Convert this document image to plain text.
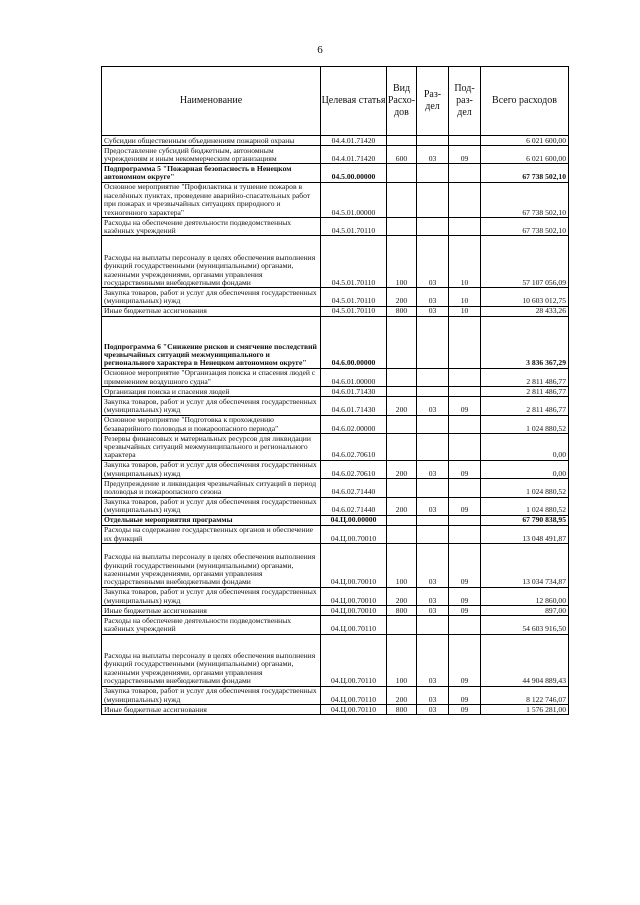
6
Наименование	Целевая статья	Вид Расхо-дов	Раз-дел	Под-раз-дел	Всего расходов
Субсидии общественным объединениям пожарной охраны	04.4.01.71420				6 021 600,00
Предоставление субсидий бюджетным, автономным учреждениям и иным некоммерческим организациям	04.4.01.71420	600	03	09	6 021 600,00
Подпрограмма 5 "Пожарная безопасность в Ненецком автономном округе"	04.5.00.00000				67 738 502,10
Основное мероприятие "Профилактика и тушение пожаров в населённых пунктах, проведение аварийно-спасательных работ при пожарах и чрезвычайных ситуациях природного и техногенного характера"	04.5.01.00000				67 738 502,10
Расходы на обеспечение деятельности подведомственных казённых учреждений	04.5.01.70110				67 738 502,10
Расходы на выплаты персоналу в целях обеспечения выполнения функций государственными (муниципальными) органами, казенными учреждениями, органами управления государственными внебюджетными фондами	04.5.01.70110	100	03	10	57 107 056,09
Закупка товаров, работ и услуг для обеспечения государственных (муниципальных) нужд	04.5.01.70110	200	03	10	10 603 012,75
Иные бюджетные ассигнования	04.5.01.70110	800	03	10	28 433,26
Подпрограмма 6 "Снижение рисков и смягчение последствий чрезвычайных ситуаций межмуниципального и регионального характера в Ненецком автономном округе"	04.6.00.00000				3 836 367,29
Основное мероприятие "Организация поиска и спасения людей с применением воздушного судна"	04.6.01.00000				2 811 486,77
Организация поиска и спасения людей	04.6.01.71430				2 811 486,77
Закупка товаров, работ и услуг для обеспечения государственных (муниципальных) нужд	04.6.01.71430	200	03	09	2 811 486,77
Основное мероприятие "Подготовка к прохождению безаварийного половодья и пожароопасного периода"	04.6.02.00000				1 024 880,52
Резервы финансовых и материальных ресурсов для ликвидации чрезвычайных ситуаций межмуниципального и регионального характера	04.6.02.70610				0,00
Закупка товаров, работ и услуг для обеспечения государственных (муниципальных) нужд	04.6.02.70610	200	03	09	0,00
Предупреждение и ликвидация чрезвычайных ситуаций в период половодья и пожароопасного сезона	04.6.02.71440				1 024 880,52
Закупка товаров, работ и услуг для обеспечения государственных (муниципальных) нужд	04.6.02.71440	200	03	09	1 024 880,52
Отдельные мероприятия программы	04.Ц.00.00000				67 790 838,95
Расходы на содержание государственных органов и обеспечение их функций	04.Ц.00.70010				13 048 491,87
Расходы на выплаты персоналу в целях обеспечения выполнения функций государственными (муниципальными) органами, казенными учреждениями, органами управления государственными внебюджетными фондами	04.Ц.00.70010	100	03	09	13 034 734,87
Закупка товаров, работ и услуг для обеспечения государственных (муниципальных) нужд	04.Ц.00.70010	200	03	09	12 860,00
Иные бюджетные ассигнования	04.Ц.00.70010	800	03	09	897,00
Расходы на обеспечение деятельности подведомственных казённых учреждений	04.Ц.00.70110				54 603 916,50
Расходы на выплаты персоналу в целях обеспечения выполнения функций государственными (муниципальными) органами, казенными учреждениями, органами управления государственными внебюджетными фондами	04.Ц.00.70110	100	03	09	44 904 889,43
Закупка товаров, работ и услуг для обеспечения государственных (муниципальных) нужд	04.Ц.00.70110	200	03	09	8 122 746,07
Иные бюджетные ассигнования	04.Ц.00.70110	800	03	09	1 576 281,00
